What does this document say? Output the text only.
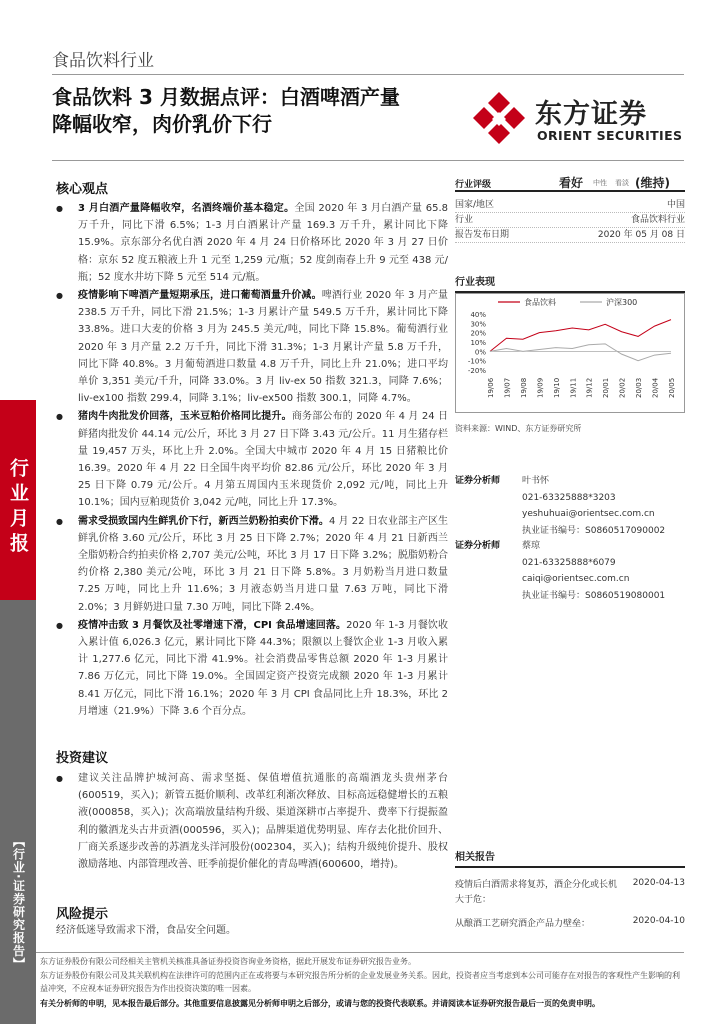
行业月报
【行业·证券研究报告】
食品饮料行业
食品饮料 3 月数据点评：白酒啤酒产量
降幅收窄，肉价乳价下行	东方证券
ORIENT SECURITIES
核心观点
● 3 月白酒产量降幅收窄，名酒终端价基本稳定。全国 2020 年 3 月白酒产量 65.8 万千升，同比下滑 6.5%；1-3 月白酒累计产量 169.3 万千升，累计同比下降 15.9%。京东部分名优白酒 2020 年 4 月 24 日价格环比 2020 年 3 月 27 日价格：京东 52 度五粮液上升 1 元至 1,259 元/瓶；52 度剑南春上升 9 元至 438 元/瓶；52 度水井坊下降 5 元至 514 元/瓶。
● 疫情影响下啤酒产量短期承压，进口葡萄酒量升价减。啤酒行业 2020 年 3 月产量 238.5 万千升，同比下滑 21.5%；1-3 月累计产量 549.5 万千升，累计同比下降 33.8%。进口大麦的价格 3 月为 245.5 美元/吨，同比下降 15.8%。葡萄酒行业 2020 年 3 月产量 2.2 万千升，同比下滑 31.3%；1-3 月累计产量 5.8 万千升，同比下降 40.8%。3 月葡萄酒进口数量 4.8 万千升，同比上升 21.0%；进口平均单价 3,351 美元/千升，同降 33.0%。3 月 liv-ex 50 指数 321.3，同降 7.6%；liv-ex100 指数 299.4，同降 3.1%；liv-ex500 指数 300.1，同降 4.7%。
● 猪肉牛肉批发价回落，玉米豆粕价格同比提升。商务部公布的 2020 年 4 月 24 日鲜猪肉批发价 44.14 元/公斤，环比 3 月 27 日下降 3.43 元/公斤。11 月生猪存栏量 19,457 万头，环比上升 2.0%。全国大中城市 2020 年 4 月 15 日猪粮比价 16.39。2020 年 4 月 22 日全国牛肉平均价 82.86 元/公斤，环比 2020 年 3 月 25 日下降 0.79 元/公斤。4 月第五周国内玉米现货价 2,092 元/吨，同比上升 10.1%；国内豆粕现货价 3,042 元/吨，同比上升 17.3%。
● 需求受损致国内生鲜乳价下行，新西兰奶粉拍卖价下滑。4 月 22 日农业部主产区生鲜乳价格 3.60 元/公斤，环比 3 月 25 日下降 2.7%；2020 年 4 月 21 日新西兰全脂奶粉合约拍卖价格 2,707 美元/公吨，环比 3 月 17 日下降 3.2%；脱脂奶粉合约价格 2,380 美元/公吨，环比 3 月 21 日下降 5.8%。3 月奶粉当月进口数量 7.25 万吨，同比上升 11.6%；3 月液态奶当月进口量 7.63 万吨，同比下滑 2.0%；3 月鲜奶进口量 7.30 万吨，同比下降 2.4%。
● 疫情冲击致 3 月餐饮及社零增速下滑，CPI 食品增速回落。2020 年 1-3 月餐饮收入累计值 6,026.3 亿元，累计同比下降 44.3%；限额以上餐饮企业 1-3 月收入累计 1,277.6 亿元，同比下滑 41.9%。社会消费品零售总额 2020 年 1-3 月累计 7.86 万亿元，同比下降 19.0%。全国固定资产投资完成额 2020 年 1-3 月累计 8.41 万亿元，同比下滑 16.1%；2020 年 3 月 CPI 食品同比上升 18.3%，环比 2 月增速（21.9%）下降 3.6 个百分点。
投资建议
● 建议关注品牌护城河高、需求坚挺、保值增值抗通胀的高端酒龙头贵州茅台(600519，买入)；新管五挺价顺利、改革红利渐次释放、目标高远稳健增长的五粮液(000858，买入)；次高端放量结构升级、渠道深耕市占率提升、费率下行提振盈利的徽酒龙头古井贡酒(000596，买入)；品牌渠道优势明显、库存去化批价回升、厂商关系逐步改善的苏酒龙头洋河股份(002304，买入)；结构升级纯价提升、股权激励落地、内部管理改善、旺季前提价催化的青岛啤酒(600600，增持)。
风险提示
经济低迷导致需求下滑，食品安全问题。
行业评级	看好 中性 看淡 (维持)
国家/地区	中国
行业	食品饮料行业
报告发布日期	2020 年 05 月 08 日
行业表现
食品饮料	沪深300
40%
30%
20%
10%
0%
-10%
-20%
19/06 19/07 19/08 19/09 19/10 19/11 19/12 20/01 20/02 20/03 20/04 20/05
资料来源：WIND、东方证券研究所
证券分析师 叶书怀
021-63325888*3203
yeshuhuai@orientsec.com.cn
执业证书编号：S0860517090002
证券分析师 蔡琼
021-63325888*6079
caiqi@orientsec.com.cn
执业证书编号：S0860519080001
相关报告
疫情后白酒需求将复苏，酒企分化或长机大于危：
2020-04-13
从酿酒工艺研究酒企产品力壁垒：	2020-04-10
东方证券股份有限公司经相关主管机关核准具备证券投资咨询业务资格，据此开展发布证券研究报告业务。
东方证券股份有限公司及其关联机构在法律许可的范围内正在或将要与本研究报告所分析的企业发展业务关系。因此，投资者应当考虑到本公司可能存在对报告的客观性产生影响的利益冲突，不应视本证券研究报告为作出投资决策的唯一因素。
有关分析师的申明，见本报告最后部分。其他重要信息披露见分析师申明之后部分，或请与您的投资代表联系。并请阅读本证券研究报告最后一页的免责申明。
